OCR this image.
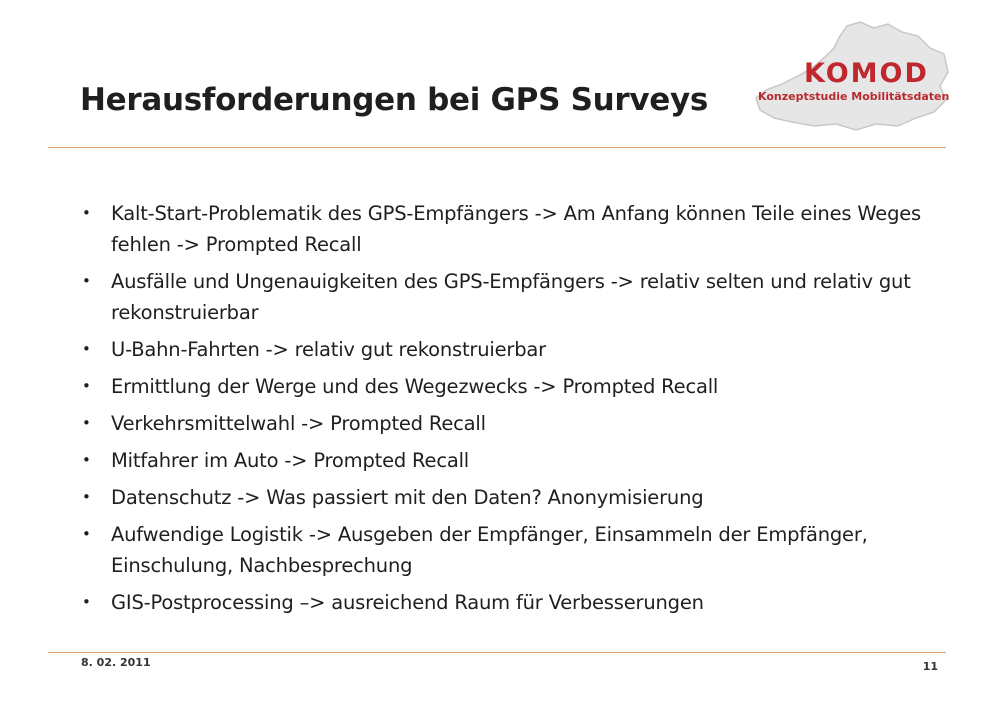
KOMOD
Konzeptstudie Mobilitätsdaten
Herausforderungen bei GPS Surveys
• Kalt-Start-Problematik des GPS-Empfängers -> Am Anfang können Teile eines Weges fehlen -> Prompted Recall
• Ausfälle und Ungenauigkeiten des GPS-Empfängers -> relativ selten und relativ gut rekonstruierbar
• U-Bahn-Fahrten -> relativ gut rekonstruierbar
• Ermittlung der Werge und des Wegezwecks -> Prompted Recall
• Verkehrsmittelwahl -> Prompted Recall
• Mitfahrer im Auto -> Prompted Recall
• Datenschutz -> Was passiert mit den Daten? Anonymisierung
• Aufwendige Logistik -> Ausgeben der Empfänger, Einsammeln der Empfänger, Einschulung, Nachbesprechung
• GIS-Postprocessing –> ausreichend Raum für Verbesserungen
8. 02. 2011	11
